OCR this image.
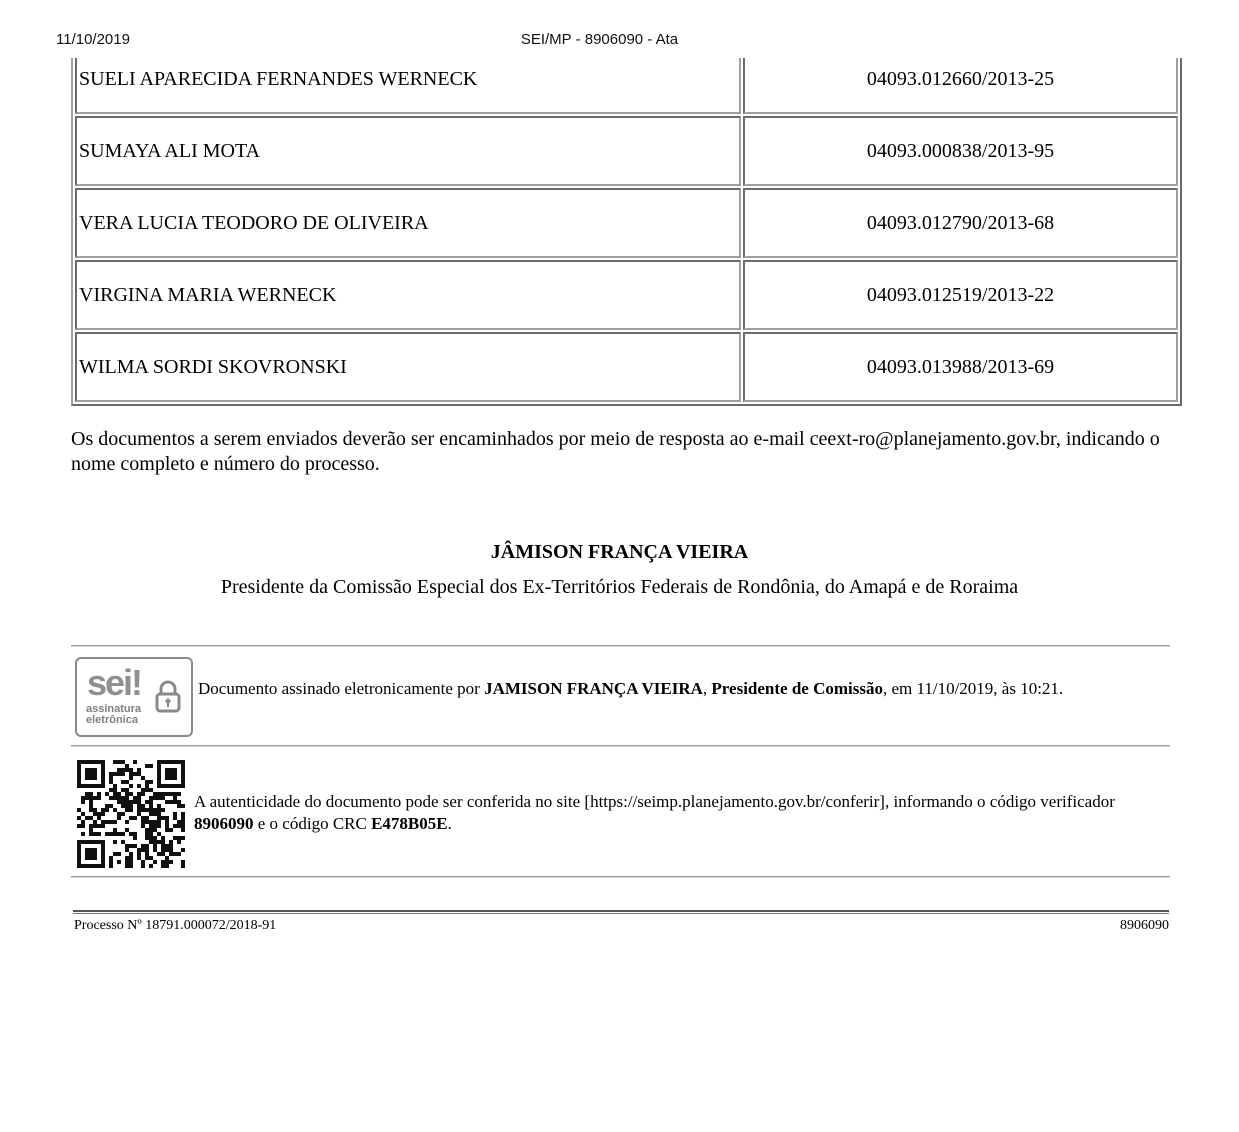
11/10/2019	SEI/MP - 8906090 - Ata
SUELI APARECIDA FERNANDES WERNECK	04093.012660/2013-25
SUMAYA ALI MOTA	04093.000838/2013-95
VERA LUCIA TEODORO DE OLIVEIRA	04093.012790/2013-68
VIRGINA MARIA WERNECK	04093.012519/2013-22
WILMA SORDI SKOVRONSKI	04093.013988/2013-69
Os documentos a serem enviados deverão ser encaminhados por meio de resposta ao e-mail ceext-ro@planejamento.gov.br, indicando o nome completo e número do processo.
JÂMISON FRANÇA VIEIRA
Presidente da Comissão Especial dos Ex-Territórios Federais de Rondônia, do Amapá e de Roraima
sei!
assinatura
eletrônica
Documento assinado eletronicamente por JAMISON FRANÇA VIEIRA, Presidente de Comissão, em 11/10/2019, às 10:21.
A autenticidade do documento pode ser conferida no site [https://seimp.planejamento.gov.br/conferir], informando o código verificador 8906090 e o código CRC E478B05E.
Processo Nº 18791.000072/2018-91	8906090
